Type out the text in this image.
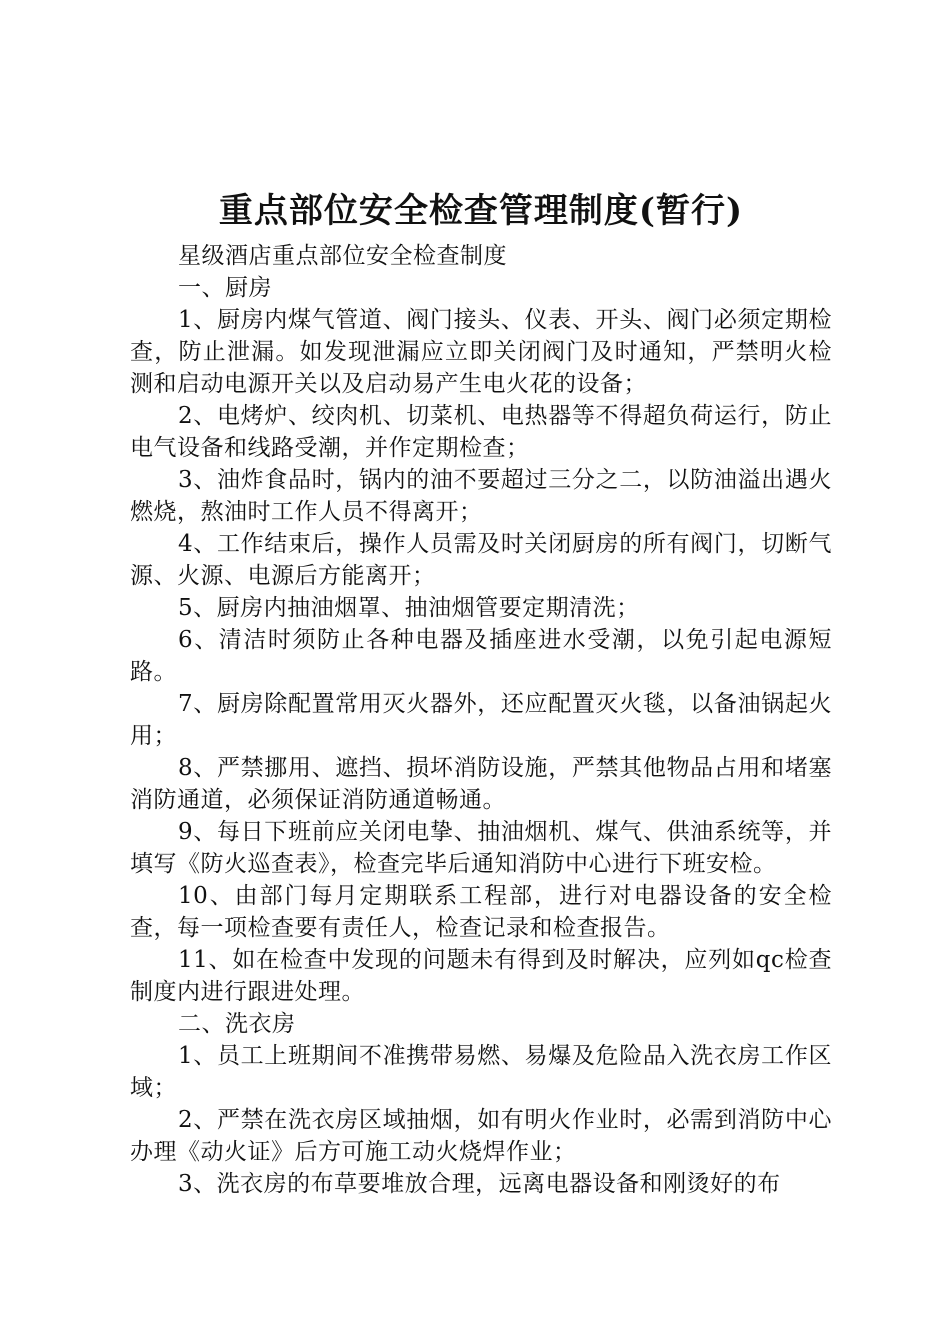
重点部位安全检查管理制度(暂行)

星级酒店重点部位安全检查制度

一、厨房

1、厨房内煤气管道、阀门接头、仪表、开头、阀门必须定期检查，防止泄漏。如发现泄漏应立即关闭阀门及时通知，严禁明火检测和启动电源开关以及启动易产生电火花的设备；

2、电烤炉、绞肉机、切菜机、电热器等不得超负荷运行，防止电气设备和线路受潮，并作定期检查；

3、油炸食品时，锅内的油不要超过三分之二，以防油溢出遇火燃烧，熬油时工作人员不得离开；

4、工作结束后，操作人员需及时关闭厨房的所有阀门，切断气源、火源、电源后方能离开；

5、厨房内抽油烟罩、抽油烟管要定期清洗；

6、清洁时须防止各种电器及插座进水受潮，以免引起电源短路。

7、厨房除配置常用灭火器外，还应配置灭火毯，以备油锅起火用；

8、严禁挪用、遮挡、损坏消防设施，严禁其他物品占用和堵塞消防通道，必须保证消防通道畅通。

9、每日下班前应关闭电挚、抽油烟机、煤气、供油系统等，并填写《防火巡查表》，检查完毕后通知消防中心进行下班安检。

10、由部门每月定期联系工程部，进行对电器设备的安全检查，每一项检查要有责任人，检查记录和检查报告。

11、如在检查中发现的问题未有得到及时解决，应列如qc检查制度内进行跟进处理。

二、洗衣房

1、员工上班期间不准携带易燃、易爆及危险品入洗衣房工作区域；

2、严禁在洗衣房区域抽烟，如有明火作业时，必需到消防中心办理《动火证》后方可施工动火烧焊作业；

3、洗衣房的布草要堆放合理，远离电器设备和刚烫好的布
